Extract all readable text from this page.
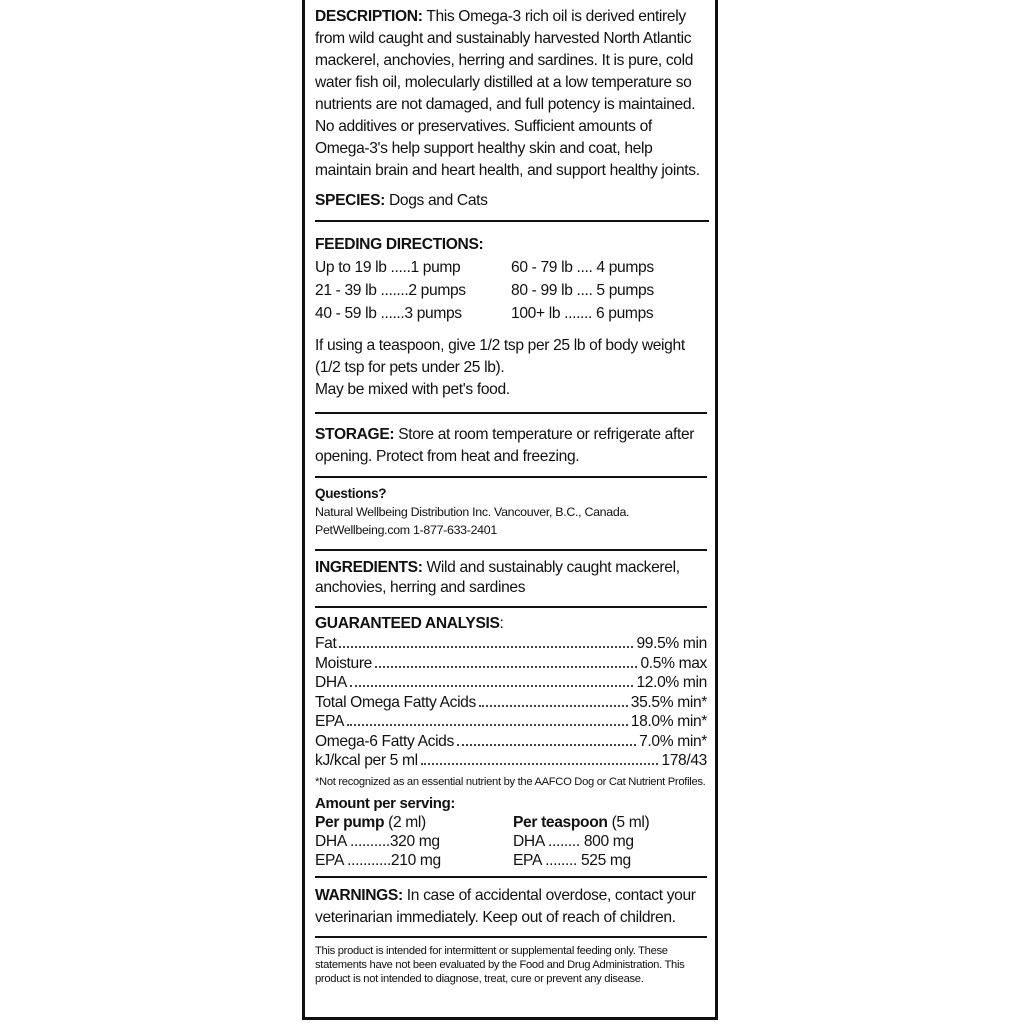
DESCRIPTION: This Omega-3 rich oil is derived entirely from wild caught and sustainably harvested North Atlantic mackerel, anchovies, herring and sardines. It is pure, cold water fish oil, molecularly distilled at a low temperature so nutrients are not damaged, and full potency is maintained. No additives or preservatives. Sufficient amounts of Omega-3's help support healthy skin and coat, help maintain brain and heart health, and support healthy joints.
SPECIES: Dogs and Cats
FEEDING DIRECTIONS:
Up to 19 lb .....1 pump
21 - 39 lb .......2 pumps
40 - 59 lb ......3 pumps
60 - 79 lb .... 4 pumps
80 - 99 lb .... 5 pumps
100+ lb ....... 6 pumps
If using a teaspoon, give 1/2 tsp per 25 lb of body weight (1/2 tsp for pets under 25 lb).
May be mixed with pet's food.
STORAGE: Store at room temperature or refrigerate after opening. Protect from heat and freezing.
Questions?
Natural Wellbeing Distribution Inc. Vancouver, B.C., Canada.
PetWellbeing.com 1-877-633-2401
INGREDIENTS: Wild and sustainably caught mackerel, anchovies, herring and sardines
GUARANTEED ANALYSIS:
Fat	99.5% min
Moisture	0.5% max
DHA	12.0% min
Total Omega Fatty Acids	35.5% min*
EPA	18.0% min*
Omega-6 Fatty Acids	7.0% min*
kJ/kcal per 5 ml	178/43
*Not recognized as an essential nutrient by the AAFCO Dog or Cat Nutrient Profiles.
Amount per serving:
Per pump (2 ml)
DHA ..........320 mg
EPA ...........210 mg
Per teaspoon (5 ml)
DHA ........ 800 mg
EPA ........ 525 mg
WARNINGS: In case of accidental overdose, contact your veterinarian immediately. Keep out of reach of children.
This product is intended for intermittent or supplemental feeding only. These statements have not been evaluated by the Food and Drug Administration. This product is not intended to diagnose, treat, cure or prevent any disease.
